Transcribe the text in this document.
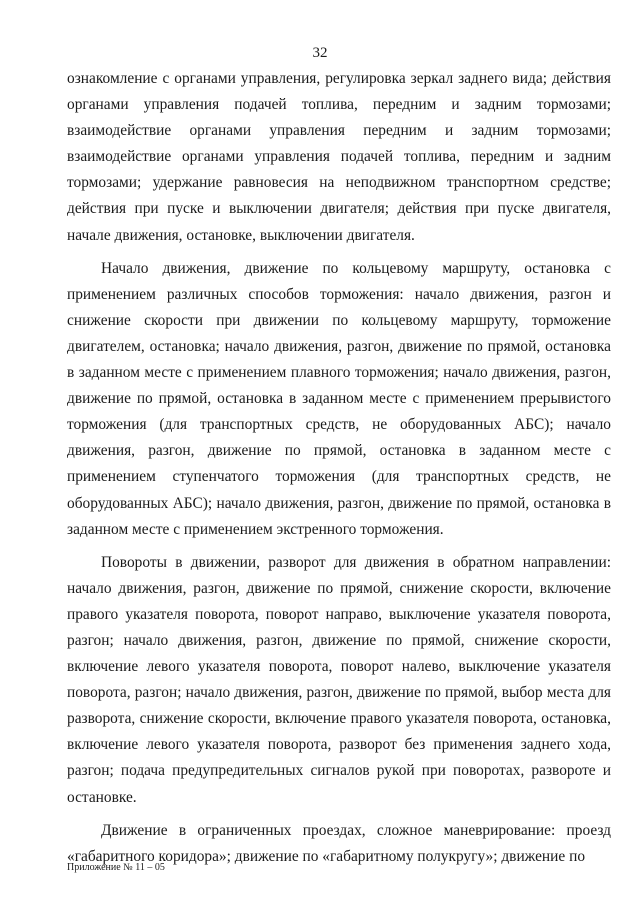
32

ознакомление с органами управления, регулировка зеркал заднего вида; действия органами управления подачей топлива, передним и задним тормозами; взаимодействие органами управления передним и задним тормозами; взаимодействие органами управления подачей топлива, передним и задним тормозами; удержание равновесия на неподвижном транспортном средстве; действия при пуске и выключении двигателя; действия при пуске двигателя, начале движения, остановке, выключении двигателя.

Начало движения, движение по кольцевому маршруту, остановка с применением различных способов торможения: начало движения, разгон и снижение скорости при движении по кольцевому маршруту, торможение двигателем, остановка; начало движения, разгон, движение по прямой, остановка в заданном месте с применением плавного торможения; начало движения, разгон, движение по прямой, остановка в заданном месте с применением прерывистого торможения (для транспортных средств, не оборудованных АБС); начало движения, разгон, движение по прямой, остановка в заданном месте с применением ступенчатого торможения (для транспортных средств, не оборудованных АБС); начало движения, разгон, движение по прямой, остановка в заданном месте с применением экстренного торможения.

Повороты в движении, разворот для движения в обратном направлении: начало движения, разгон, движение по прямой, снижение скорости, включение правого указателя поворота, поворот направо, выключение указателя поворота, разгон; начало движения, разгон, движение по прямой, снижение скорости, включение левого указателя поворота, поворот налево, выключение указателя поворота, разгон; начало движения, разгон, движение по прямой, выбор места для разворота, снижение скорости, включение правого указателя поворота, остановка, включение левого указателя поворота, разворот без применения заднего хода, разгон; подача предупредительных сигналов рукой при поворотах, развороте и остановке.

Движение в ограниченных проездах, сложное маневрирование: проезд «габаритного коридора»; движение по «габаритному полукругу»; движение по

Приложение № 11 – 05
